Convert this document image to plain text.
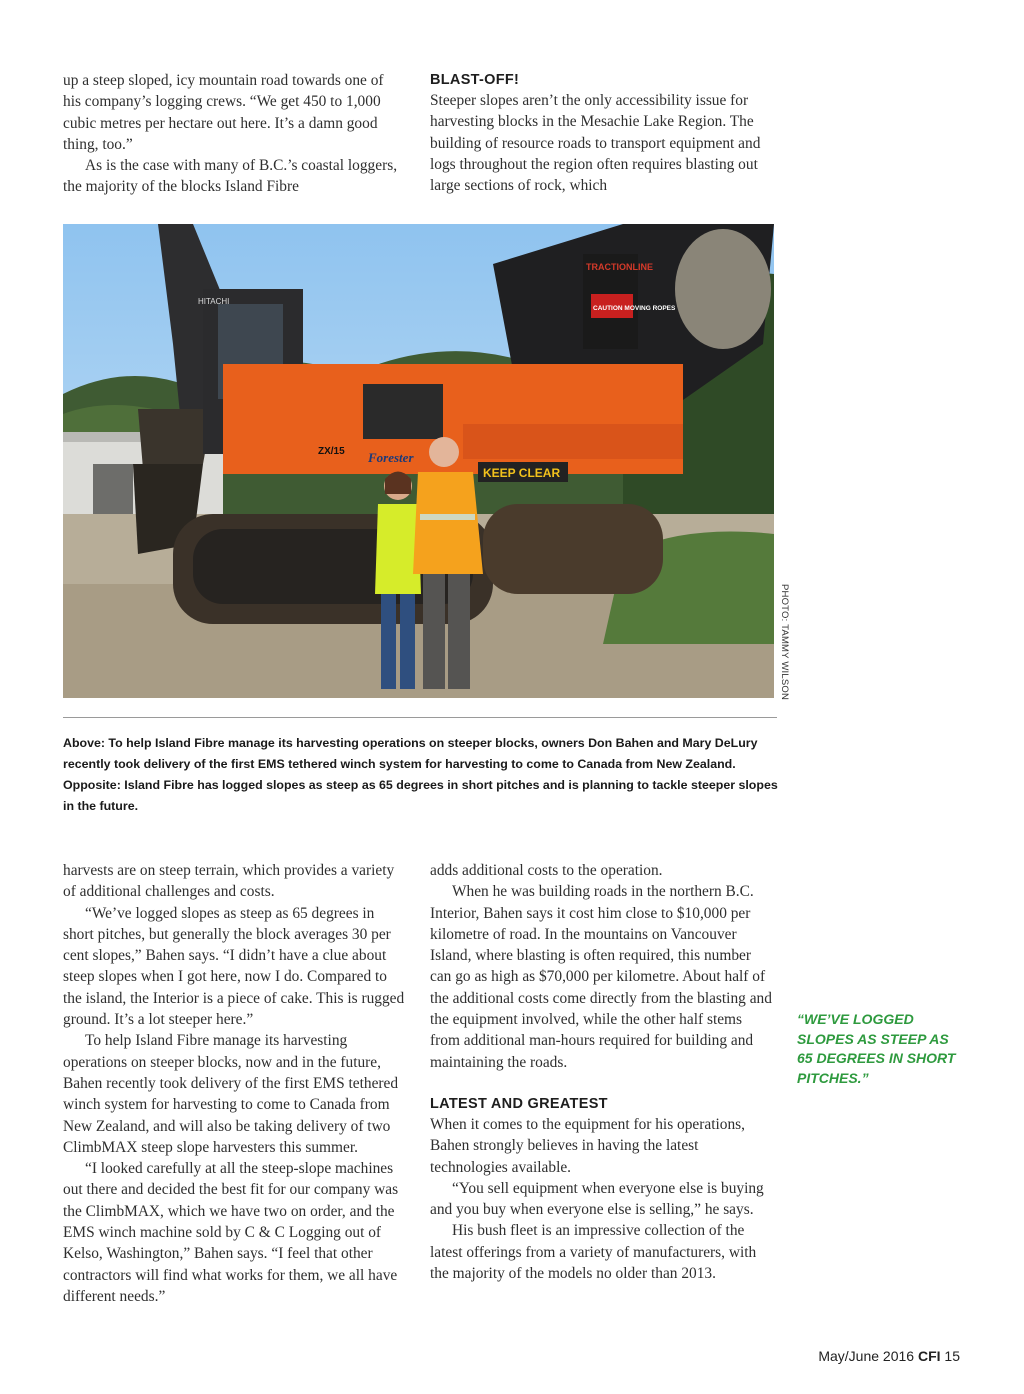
up a steep sloped, icy mountain road towards one of his company’s logging crews. “We get 450 to 1,000 cubic metres per hectare out here. It’s a damn good thing, too.”

As is the case with many of B.C.’s coastal loggers, the majority of the blocks Island Fibre

BLAST-OFF!

Steeper slopes aren’t the only accessibility issue for harvesting blocks in the Mesachie Lake Region. The building of resource roads to transport equipment and logs throughout the region often requires blasting out large sections of rock, which

TRACTIONLINE
CAUTION MOVING ROPES
KEEP CLEAR
Forester
ZX/15
HITACHI
PHOTO: TAMMY WILSON

Above: To help Island Fibre manage its harvesting operations on steeper blocks, owners Don Bahen and Mary DeLury recently took delivery of the first EMS tethered winch system for harvesting to come to Canada from New Zealand.

Opposite: Island Fibre has logged slopes as steep as 65 degrees in short pitches and is planning to tackle steeper slopes in the future.

harvests are on steep terrain, which provides a variety of additional challenges and costs.

“We’ve logged slopes as steep as 65 degrees in short pitches, but generally the block averages 30 per cent slopes,” Bahen says. “I didn’t have a clue about steep slopes when I got here, now I do. Compared to the island, the Interior is a piece of cake. This is rugged ground. It’s a lot steeper here.”

To help Island Fibre manage its harvesting operations on steeper blocks, now and in the future, Bahen recently took delivery of the first EMS tethered winch system for harvesting to come to Canada from New Zealand, and will also be taking delivery of two ClimbMAX steep slope harvesters this summer.

“I looked carefully at all the steep-slope machines out there and decided the best fit for our company was the ClimbMAX, which we have two on order, and the EMS winch machine sold by C & C Logging out of Kelso, Washington,” Bahen says. “I feel that other contractors will find what works for them, we all have different needs.”

adds additional costs to the operation.

When he was building roads in the northern B.C. Interior, Bahen says it cost him close to $10,000 per kilometre of road. In the mountains on Vancouver Island, where blasting is often required, this number can go as high as $70,000 per kilometre. About half of the additional costs come directly from the blasting and the equipment involved, while the other half stems from additional man-hours required for building and maintaining the roads.

LATEST AND GREATEST

When it comes to the equipment for his operations, Bahen strongly believes in having the latest technologies available.

“You sell equipment when everyone else is buying and you buy when everyone else is selling,” he says.

His bush fleet is an impressive collection of the latest offerings from a variety of manufacturers, with the majority of the models no older than 2013.

“WE’VE LOGGED SLOPES AS STEEP AS 65 DEGREES IN SHORT PITCHES.”
May/June 2016 CFI 15
